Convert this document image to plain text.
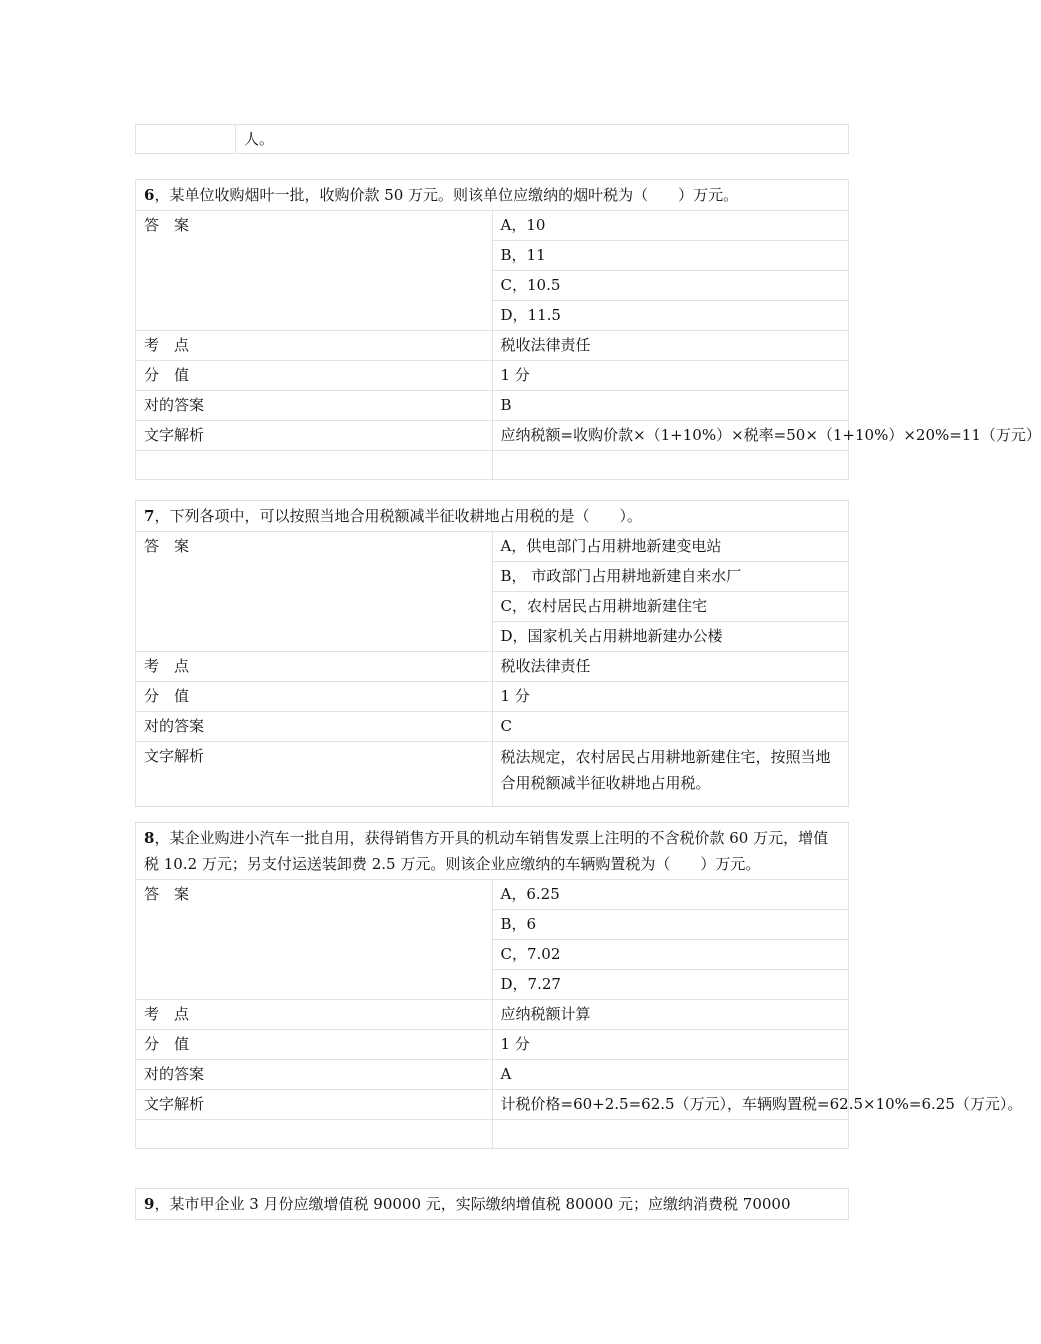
	人。
6，某单位收购烟叶一批，收购价款 50 万元。则该单位应缴纳的烟叶税为（　　）万元。	
答　案	A，10
	B，11
	C，10.5
	D，11.5
考　点	税收法律责任
分　值	1 分
对的答案	B
文字解析	应纳税额=收购价款×（1+10%）×税率=50×（1+10%）×20%=11（万元）

7，下列各项中，可以按照当地合用税额减半征收耕地占用税的是（　　）。	
答　案	A，供电部门占用耕地新建变电站
	B， 市政部门占用耕地新建自来水厂
	C，农村居民占用耕地新建住宅
	D，国家机关占用耕地新建办公楼
考　点	税收法律责任
分　值	1 分
对的答案	C
文字解析	税法规定，农村居民占用耕地新建住宅，按照当地合用税额减半征收耕地占用税。
8，某企业购进小汽车一批自用，获得销售方开具的机动车销售发票上注明的不含税价款 60 万元，增值税 10.2 万元；另支付运送装卸费 2.5 万元。则该企业应缴纳的车辆购置税为（　　）万元。	
答　案	A，6.25
	B，6
	C，7.02
	D，7.27
考　点	应纳税额计算
分　值	1 分
对的答案	A
文字解析	计税价格=60+2.5=62.5（万元），车辆购置税=62.5×10%=6.25（万元）。

9，某市甲企业 3 月份应缴增值税 90000 元，实际缴纳增值税 80000 元；应缴纳消费税 70000
